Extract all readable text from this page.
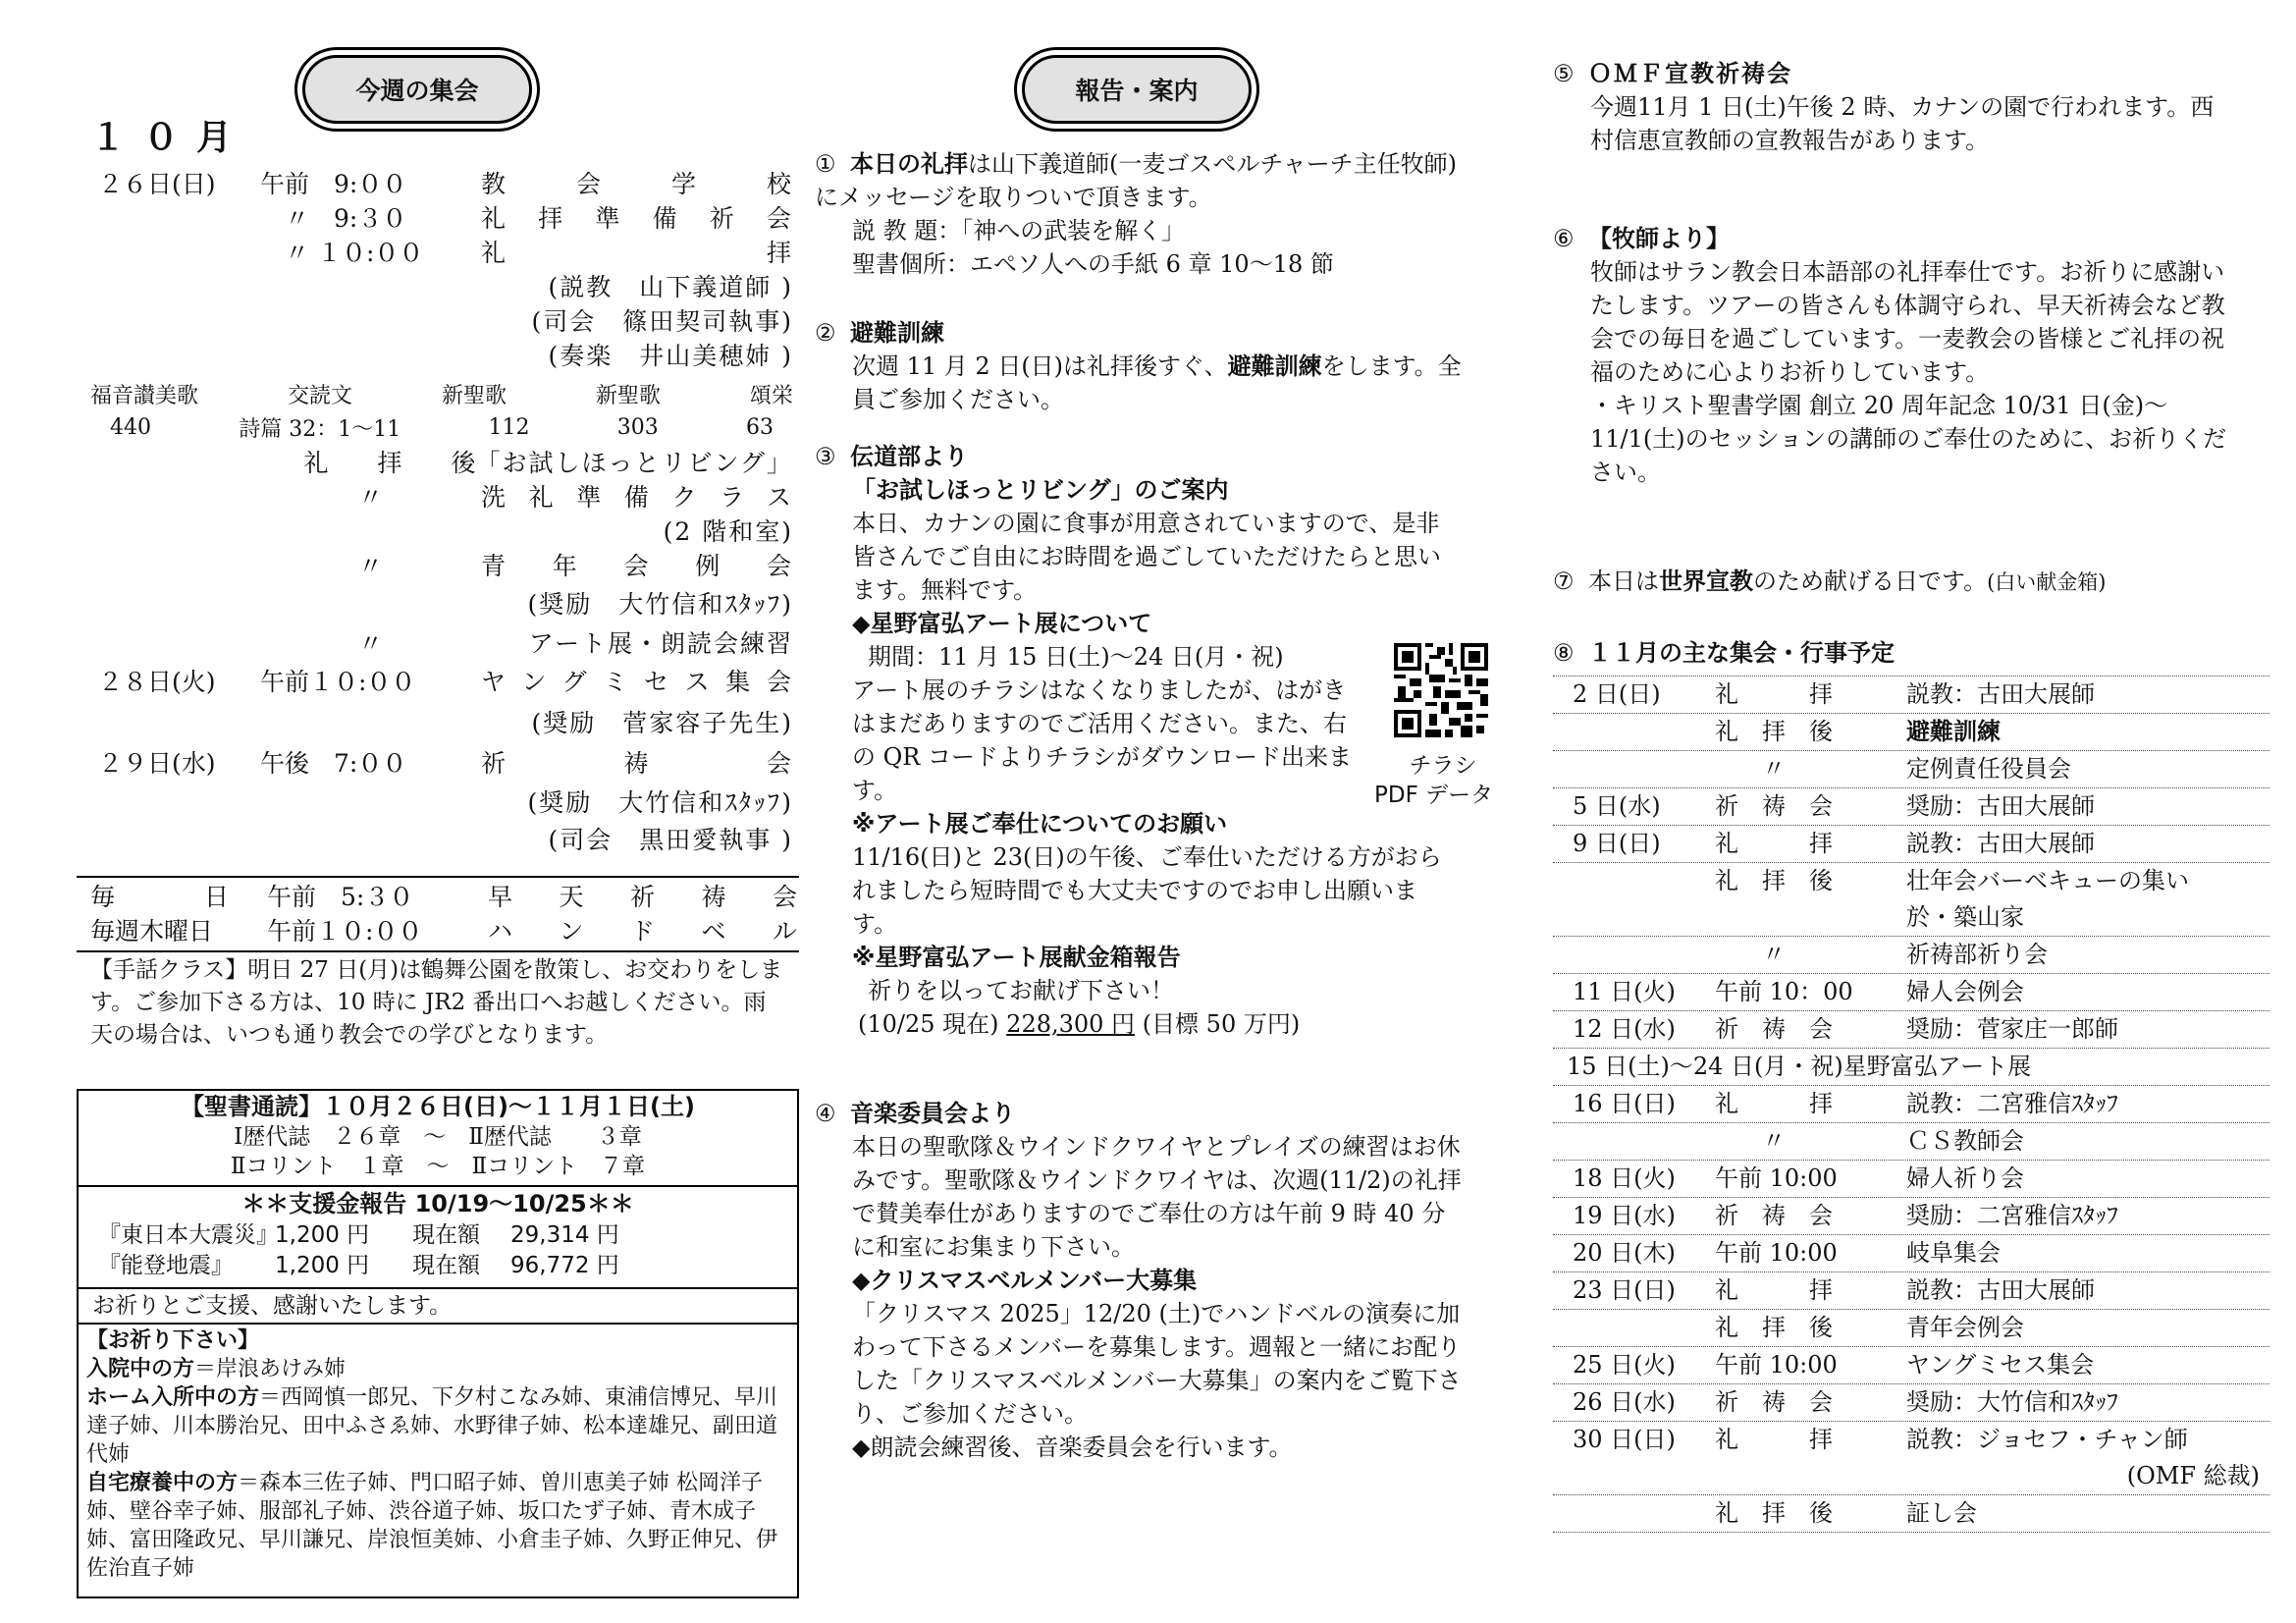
今週の集会
１０月
２６日(日)	午前　9:００	教会学校
　〃　9:３０	礼拝準備祈会
　〃 １０:００	礼　　　拝
(説教　山下義道師 )
(司会　篠田契司執事)
(奏楽　井山美穂姉 )
福音讃美歌	交読文	新聖歌	新聖歌	頌栄
440	詩篇 32：1～11	112	303	63
礼　　拝　　後 「お試しほっとリビング」
　　　　〃	洗礼準備クラス
(2 階和室)
　　　　〃	青年会例会
(奨励　大竹信和ｽﾀｯﾌ)
　　　　〃	アート展・朗読会練習
２８日(火)	午前１０:００	ヤングミセス集会
(奨励　菅家容子先生)
２９日(水)	午後　7:００	祈　　祷　　会
(奨励　大竹信和ｽﾀｯﾌ)
(司会　黒田愛執事 )
毎　　　日	午前　5:３０	早天祈祷会
毎週木曜日	午前１０:００	ハンドベル
【手話クラス】明日 27 日(月)は鶴舞公園を散策し、お交わりをします。ご参加下さる方は、10 時に JR2 番出口へお越しください。雨天の場合は、いつも通り教会での学びとなります。
【聖書通読】１０月２６日(日)～１１月１日(土)
Ⅰ歴代誌　２６章　～　Ⅱ歴代誌　　３章
Ⅱコリント　１章　～　Ⅱコリント　７章
＊＊支援金報告 10/19～10/25＊＊
『東日本大震災』
1,200 円	現在額	29,314 円
『能登地震』	1,200 円	現在額	96,772 円
お祈りとご支援、感謝いたします。
【お祈り下さい】
入院中の方＝岸浪あけみ姉
ホーム入所中の方＝西岡慎一郎兄、下夕村こなみ姉、東浦信博兄、早川達子姉、川本勝治兄、田中ふさゑ姉、水野律子姉、松本達雄兄、副田道代姉
自宅療養中の方＝森本三佐子姉、門口昭子姉、曽川恵美子姉 松岡洋子姉、壁谷幸子姉、服部礼子姉、渋谷道子姉、坂口たず子姉、青木成子姉、富田隆政兄、早川謙兄、岸浪恒美姉、小倉圭子姉、久野正伸兄、伊佐治直子姉
報告・案内
① 本日の礼拝は山下義道師(一麦ゴスペルチャーチ主任牧師) にメッセージを取りついで頂きます。
説 教 題：「神への武装を解く」
聖書個所：エペソ人への手紙 6 章 10～18 節
② 避難訓練
次週 11 月 2 日(日)は礼拝後すぐ、避難訓練をします。全員ご参加ください。
③ 伝道部より
「お試しほっとリビング」のご案内
本日、カナンの園に食事が用意されていますので、是非皆さんでご自由にお時間を過ごしていただけたらと思います。無料です。
◆星野富弘アート展について
期間：11 月 15 日(土)～24 日(月・祝)
アート展のチラシはなくなりましたが、はがきはまだありますのでご活用ください。また、右の QR コードよりチラシがダウンロード出来ます。
※アート展ご奉仕についてのお願い
11/16(日)と 23(日)の午後、ご奉仕いただける方がおられましたら短時間でも大丈夫ですのでお申し出願います。
※星野富弘アート展献金箱報告
祈りを以ってお献げ下さい！
(10/25 現在) 228,300 円 (目標 50 万円)
チラシ
PDF データ
④ 音楽委員会より
本日の聖歌隊＆ウインドクワイヤとプレイズの練習はお休みです。聖歌隊＆ウインドクワイヤは、次週(11/2)の礼拝で賛美奉仕がありますのでご奉仕の方は午前 9 時 40 分に和室にお集まり下さい。
◆クリスマスベルメンバー大募集
「クリスマス 2025」12/20 (土)でハンドベルの演奏に加わって下さるメンバーを募集します。週報と一緒にお配りした「クリスマスベルメンバー大募集」の案内をご覧下さり、ご参加ください。
◆朗読会練習後、音楽委員会を行います。
⑤ ＯＭＦ宣教祈祷会
今週11月 1 日(土)午後 2 時、カナンの園で行われます。西村信恵宣教師の宣教報告があります。
⑥ 【牧師より】
牧師はサラン教会日本語部の礼拝奉仕です。お祈りに感謝いたします。ツアーの皆さんも体調守られ、早天祈祷会など教会での毎日を過ごしています。一麦教会の皆様とご礼拝の祝福のために心よりお祈りしています。
・キリスト聖書学園 創立 20 周年記念 10/31 日(金)～11/1(土)のセッションの講師のご奉仕のために、お祈りください。
⑦ 本日は世界宣教のため献げる日です。(白い献金箱)
⑧ １１月の主な集会・行事予定
2 日(日)	礼　　　拝	説教：古田大展師
礼　拝　後	避難訓練
　　〃	定例責任役員会
5 日(水)	祈　祷　会	奨励：古田大展師
9 日(日)	礼　　　拝	説教：古田大展師
礼　拝　後	壮年会バーベキューの集い
於・築山家
　　〃	祈祷部祈り会
11 日(火)	午前 10：00	婦人会例会
12 日(水)	祈　祷　会	奨励：菅家庄一郎師
15 日(土)～24 日(月・祝)星野富弘アート展
16 日(日)	礼　　　拝	説教：二宮雅信ｽﾀｯﾌ
　　〃	ＣＳ教師会
18 日(火)	午前 10:00	婦人祈り会
19 日(水)	祈　祷　会	奨励：二宮雅信ｽﾀｯﾌ
20 日(木)	午前 10:00	岐阜集会
23 日(日)	礼　　　拝	説教：古田大展師
礼　拝　後	青年会例会
25 日(火)	午前 10:00	ヤングミセス集会
26 日(水)	祈　祷　会	奨励：大竹信和ｽﾀｯﾌ
30 日(日)	礼　　　拝	説教：ジョセフ・チャン師

(OMF 総裁)
礼　拝　後	証し会
